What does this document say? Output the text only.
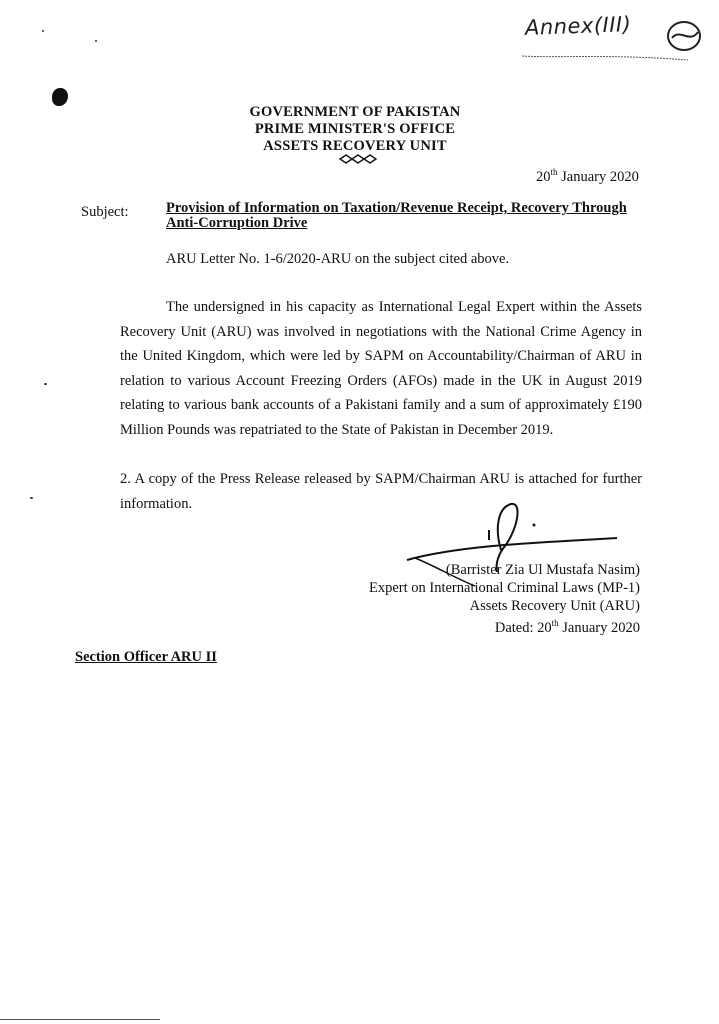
Annex(III)
GOVERNMENT OF PAKISTAN
PRIME MINISTER'S OFFICE
ASSETS RECOVERY UNIT
20th January 2020
Subject:	Provision of Information on Taxation/Revenue Receipt, Recovery Through Anti-Corruption Drive
ARU Letter No. 1-6/2020-ARU on the subject cited above.
The undersigned in his capacity as International Legal Expert within the Assets Recovery Unit (ARU) was involved in negotiations with the National Crime Agency in the United Kingdom, which were led by SAPM on Accountability/Chairman of ARU in relation to various Account Freezing Orders (AFOs) made in the UK in August 2019 relating to various bank accounts of a Pakistani family and a sum of approximately £190 Million Pounds was repatriated to the State of Pakistan in December 2019.
2. A copy of the Press Release released by SAPM/Chairman ARU is attached for further information.
(Barrister Zia Ul Mustafa Nasim)
Expert on International Criminal Laws (MP-1)
Assets Recovery Unit (ARU)
Dated: 20th January 2020
Section Officer ARU II
